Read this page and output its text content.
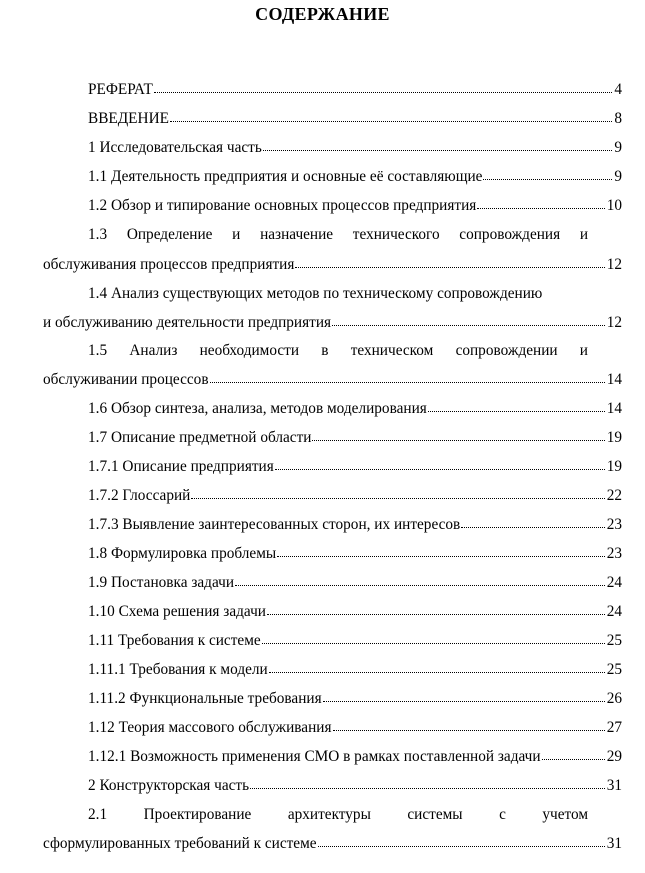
СОДЕРЖАНИЕ
РЕФЕРАТ	4
ВВЕДЕНИЕ	8
1 Исследовательская часть	9
1.1 Деятельность предприятия и основные её составляющие	9
1.2 Обзор и типирование основных процессов предприятия	10
1.3 Определение и назначение технического сопровождения и
обслуживания процессов предприятия	12
1.4 Анализ существующих методов по техническому сопровождению
и обслуживанию деятельности предприятия	12
1.5 Анализ необходимости в техническом сопровождении и
обслуживании процессов	14
1.6 Обзор синтеза, анализа, методов моделирования	14
1.7 Описание предметной области	19
1.7.1 Описание предприятия	19
1.7.2 Глоссарий	22
1.7.3 Выявление заинтересованных сторон, их интересов	23
1.8 Формулировка проблемы	23
1.9 Постановка задачи	24
1.10 Схема решения задачи	24
1.11 Требования к системе	25
1.11.1 Требования к модели	25
1.11.2 Функциональные требования	26
1.12 Теория массового обслуживания	27
1.12.1 Возможность применения СМО в рамках поставленной задачи	29
2 Конструкторская часть	31
2.1 Проектирование архитектуры системы с учетом
сформулированных требований к системе	31
